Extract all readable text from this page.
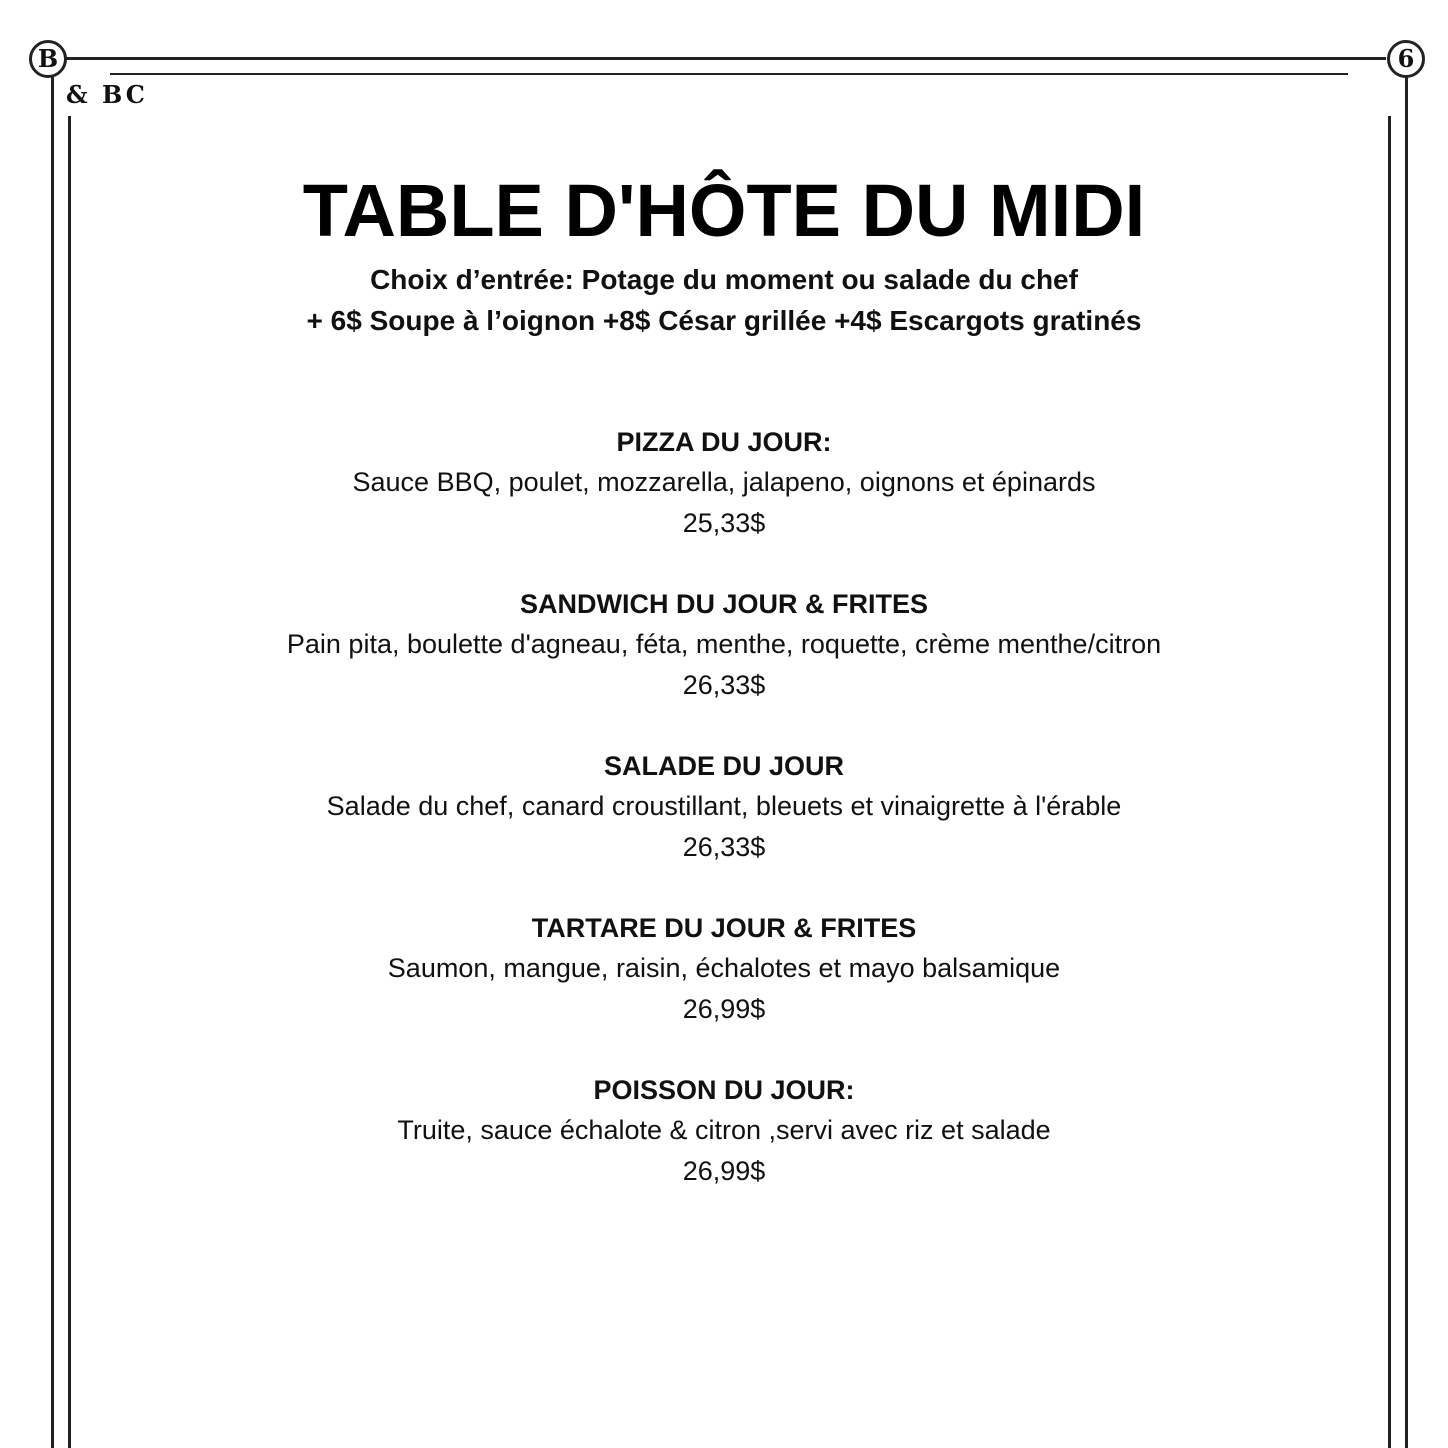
B	6
& BC
TABLE D'HÔTE DU MIDI
Choix d’entrée: Potage du moment ou salade du chef
+ 6$ Soupe à l’oignon +8$ César grillée +4$ Escargots gratinés
PIZZA DU JOUR:
Sauce BBQ, poulet, mozzarella, jalapeno, oignons et épinards
25,33$
SANDWICH DU JOUR & FRITES
Pain pita, boulette d'agneau, féta, menthe, roquette, crème menthe/citron
26,33$
SALADE DU JOUR
Salade du chef, canard croustillant, bleuets et vinaigrette à l'érable
26,33$
TARTARE DU JOUR & FRITES
Saumon, mangue, raisin, échalotes et mayo balsamique
26,99$
POISSON DU JOUR:
Truite, sauce échalote & citron ,servi avec riz et salade
26,99$
